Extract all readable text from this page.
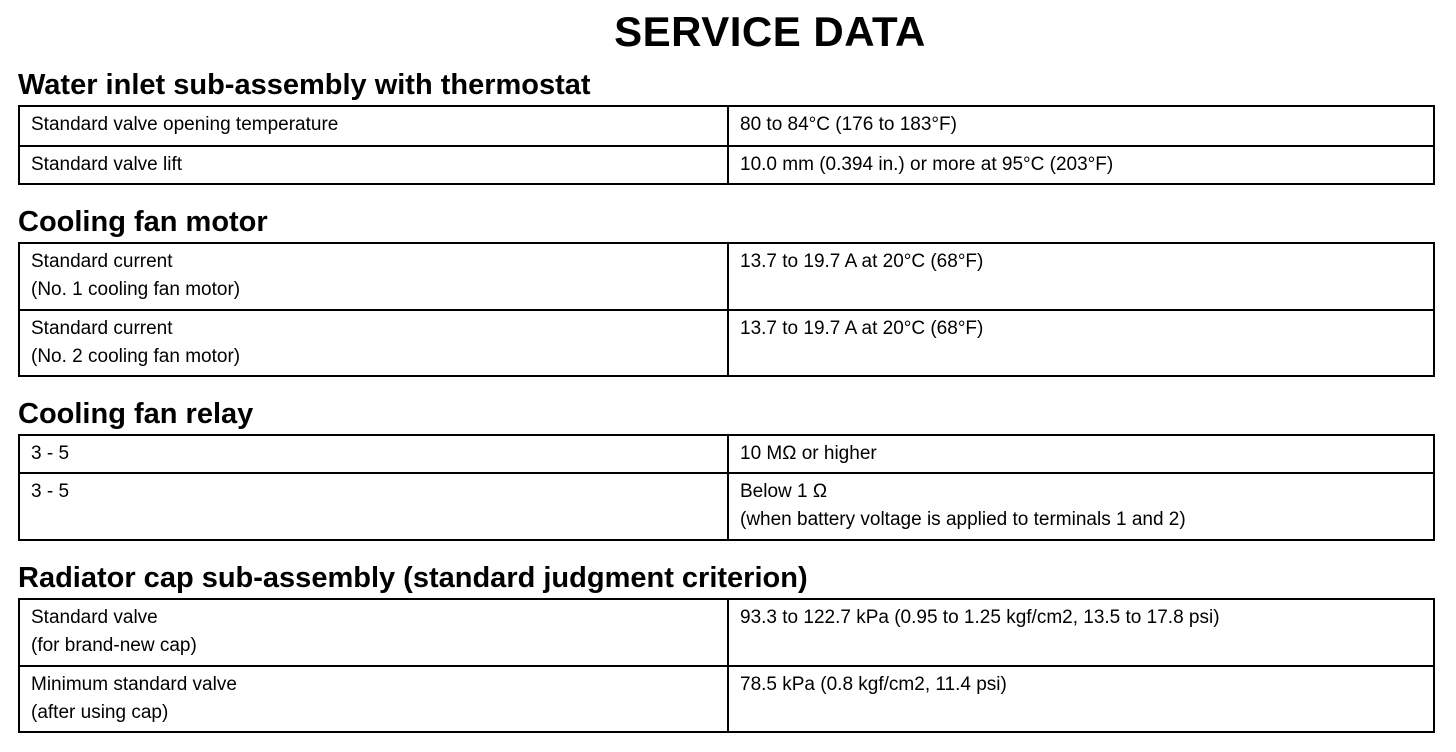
SERVICE DATA
Water inlet sub-assembly with thermostat
Standard valve opening temperature	80 to 84°C (176 to 183°F)

Standard valve lift	10.0 mm (0.394 in.) or more at 95°C (203°F)
Cooling fan motor
Standard current
(No. 1 cooling fan motor)	13.7 to 19.7 A at 20°C (68°F)

Standard current
(No. 2 cooling fan motor)	13.7 to 19.7 A at 20°C (68°F)
Cooling fan relay
3 - 5	10 MΩ or higher

3 - 5	Below 1 Ω
(when battery voltage is applied to terminals 1 and 2)
Radiator cap sub-assembly (standard judgment criterion)
Standard valve
(for brand-new cap)	93.3 to 122.7 kPa (0.95 to 1.25 kgf/cm2, 13.5 to 17.8 psi)

Minimum standard valve
(after using cap)	78.5 kPa (0.8 kgf/cm2, 11.4 psi)
